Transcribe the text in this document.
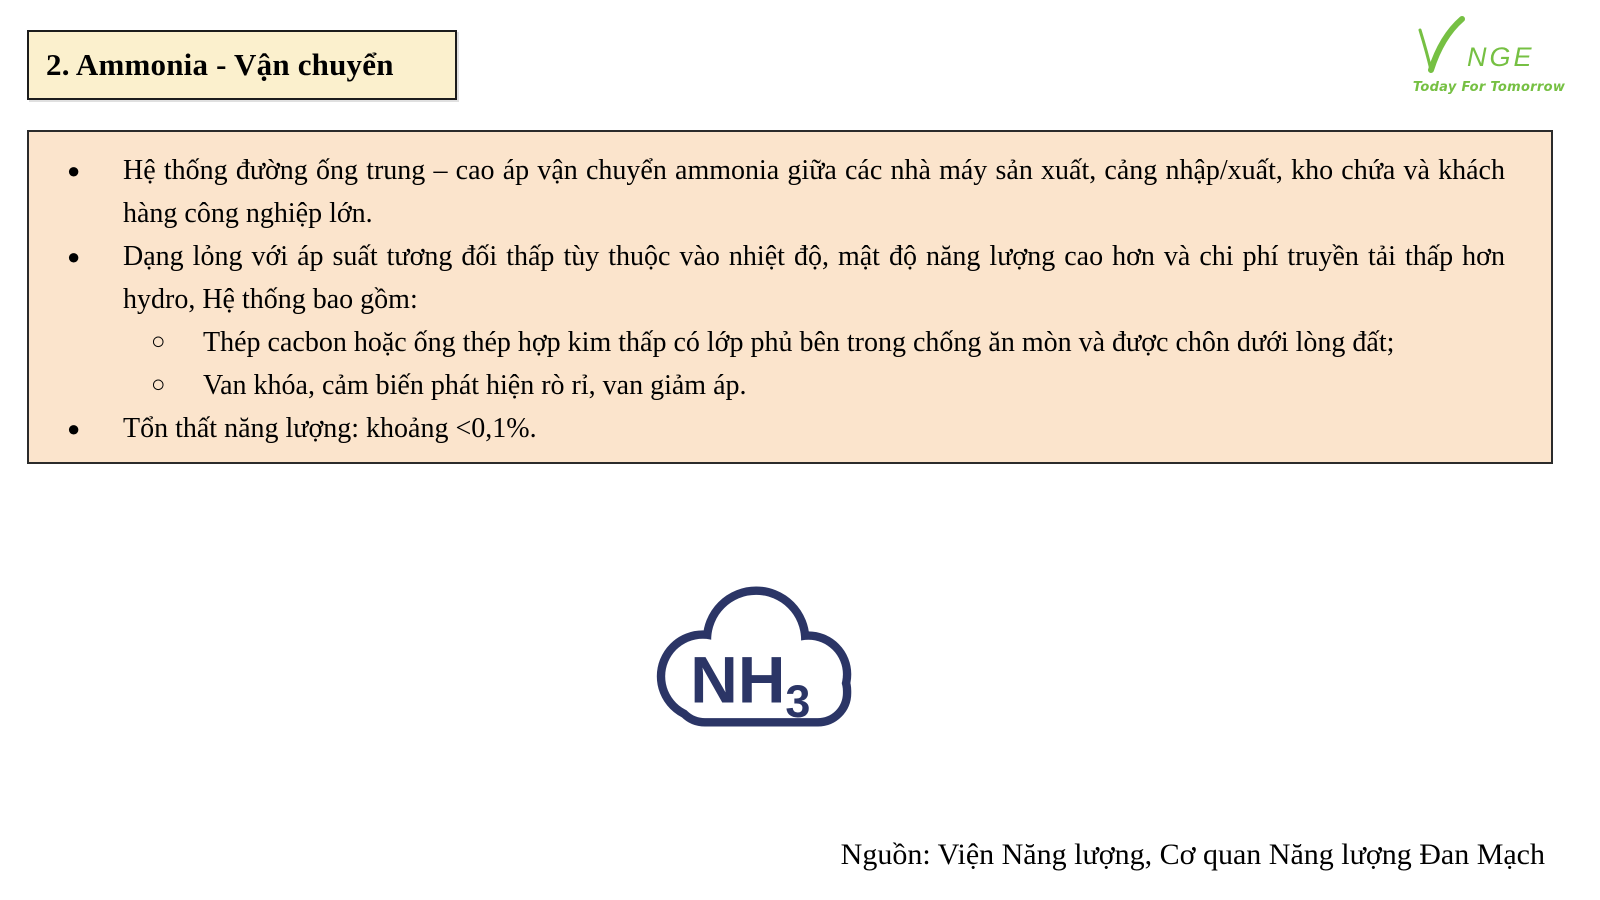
2. Ammonia - Vận chuyển	NGE
Today For Tomorrow
●	Hệ thống đường ống trung – cao áp vận chuyển ammonia giữa các nhà máy sản xuất, cảng nhập/xuất, kho chứa và khách hàng công nghiệp lớn.
●	Dạng lỏng với áp suất tương đối thấp tùy thuộc vào nhiệt độ, mật độ năng lượng cao hơn và chi phí truyền tải thấp hơn hydro, Hệ thống bao gồm:
○	Thép cacbon hoặc ống thép hợp kim thấp có lớp phủ bên trong chống ăn mòn và được chôn dưới lòng đất;
○	Van khóa, cảm biến phát hiện rò rỉ, van giảm áp.
●	Tổn thất năng lượng: khoảng <0,1%.
$NH_3$
Nguồn: Viện Năng lượng, Cơ quan Năng lượng Đan Mạch
